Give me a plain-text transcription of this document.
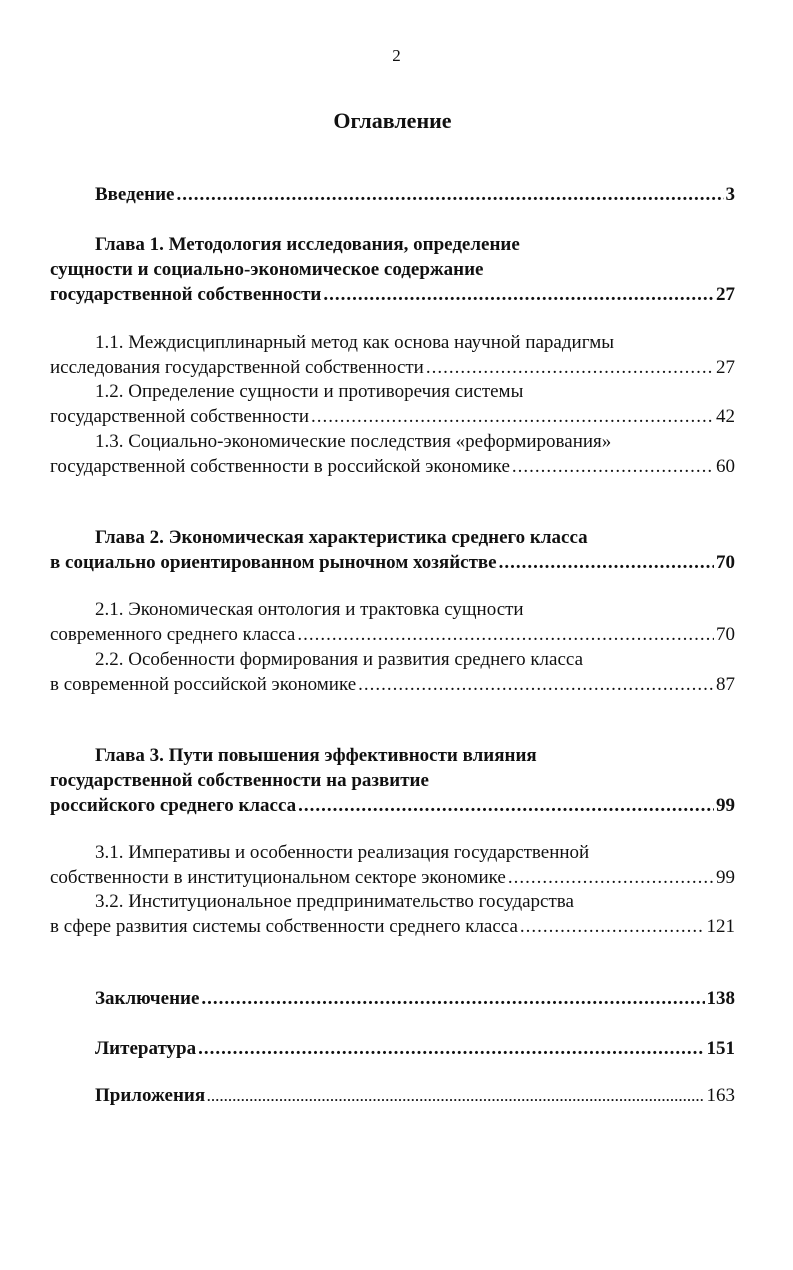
2
Оглавление
Введение .....	3
Глава 1. Методология исследования, определение
сущности и социально-экономическое содержание
государственной собственности .....	27
1.1. Междисциплинарный метод как основа научной парадигмы
исследования государственной собственности .....	27
1.2. Определение сущности и противоречия системы
государственной собственности .....	42
1.3. Социально-экономические последствия «реформирования»
государственной собственности в российской экономике .....	60
Глава 2. Экономическая характеристика среднего класса
в социально ориентированном рыночном хозяйстве .....	70
2.1. Экономическая онтология и трактовка сущности
современного среднего класса .....	70
2.2. Особенности формирования и развития среднего класса
в современной российской экономике .....	87
Глава 3. Пути повышения эффективности влияния
государственной собственности на развитие
российского среднего класса .....	99
3.1. Императивы и особенности реализация государственной
собственности в институциональном секторе экономике .....	99
3.2. Институциональное предпринимательство государства
в сфере развития системы собственности среднего класса .....	121
Заключение .....	138
Литература .....	151
Приложения .....	163
